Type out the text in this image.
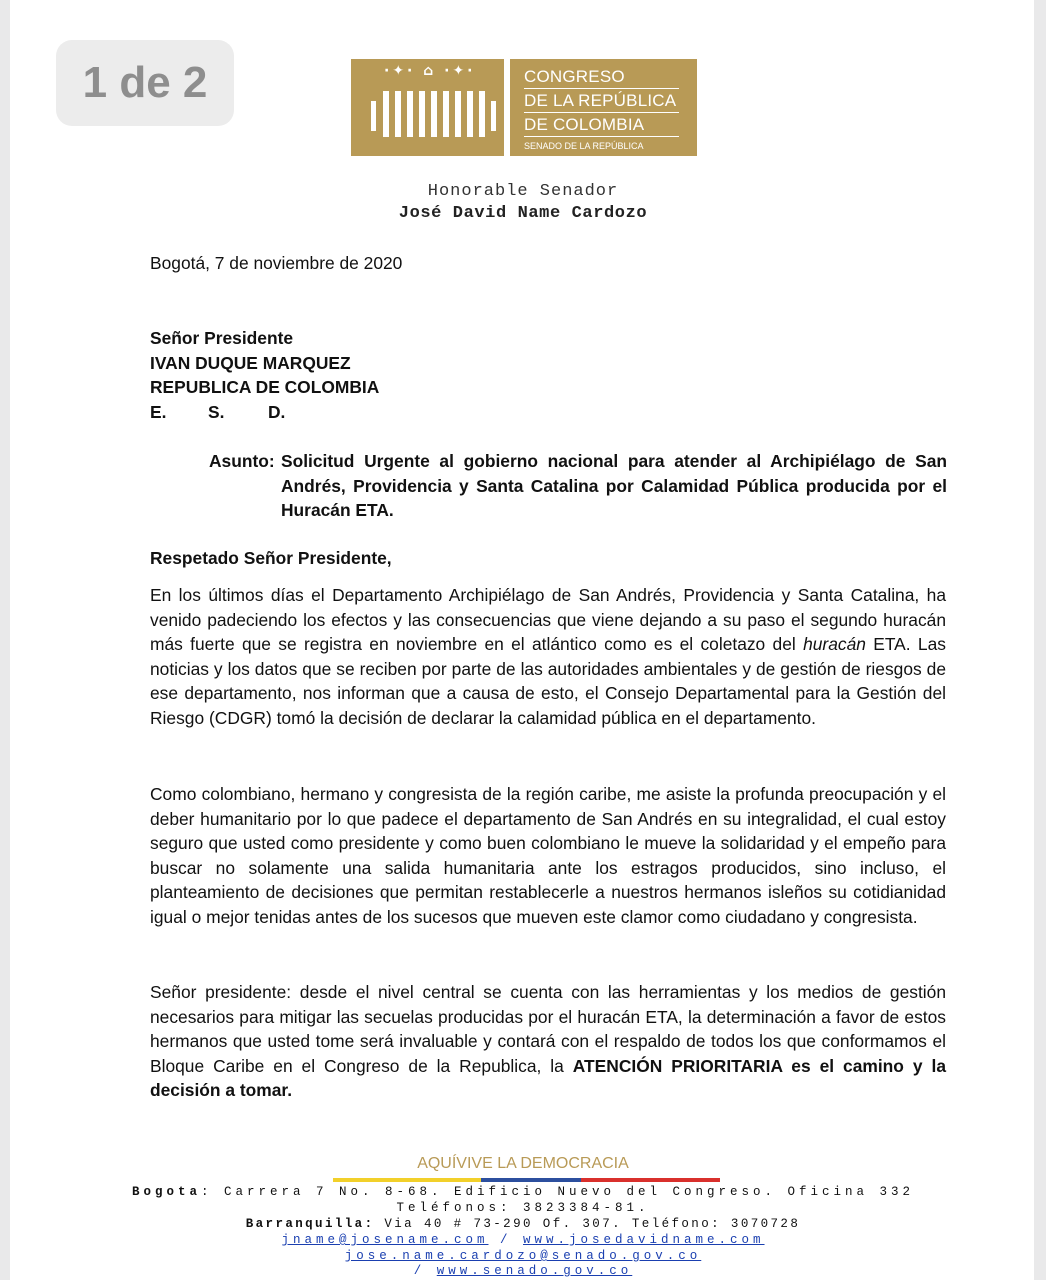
1 de 2	·✦· ⌂ ·✦·	CONGRESO
DE LA REPÚBLICA
DE COLOMBIA
SENADO DE LA REPÚBLICA
Honorable Senador
José David Name Cardozo
Bogotá, 7 de noviembre de 2020
Señor Presidente
IVAN DUQUE MARQUEZ
REPUBLICA DE COLOMBIA
E. S.	D.
Asunto: Solicitud Urgente al gobierno nacional para atender al Archipiélago de San Andrés, Providencia y Santa Catalina por Calamidad Pública producida por el Huracán ETA.
Respetado Señor Presidente,
En los últimos días el Departamento Archipiélago de San Andrés, Providencia y Santa Catalina, ha venido padeciendo los efectos y las consecuencias que viene dejando a su paso el segundo huracán más fuerte que se registra en noviembre en el atlántico como es el coletazo del huracán ETA. Las noticias y los datos que se reciben por parte de las autoridades ambientales y de gestión de riesgos de ese departamento, nos informan que a causa de esto, el Consejo Departamental para la Gestión del Riesgo (CDGR) tomó la decisión de declarar la calamidad pública en el departamento.
Como colombiano, hermano y congresista de la región caribe, me asiste la profunda preocupación y el deber humanitario por lo que padece el departamento de San Andrés en su integralidad, el cual estoy seguro que usted como presidente y como buen colombiano le mueve la solidaridad y el empeño para buscar no solamente una salida humanitaria ante los estragos producidos, sino incluso, el planteamiento de decisiones que permitan restablecerle a nuestros hermanos isleños su cotidianidad igual o mejor tenidas antes de los sucesos que mueven este clamor como ciudadano y congresista.
Señor presidente: desde el nivel central se cuenta con las herramientas y los medios de gestión necesarios para mitigar las secuelas producidas por el huracán ETA, la determinación a favor de estos hermanos que usted tome será invaluable y contará con el respaldo de todos los que conformamos el Bloque Caribe en el Congreso de la Republica, la ATENCIÓN PRIORITARIA es el camino y la decisión a tomar.
AQUÍVIVE LA DEMOCRACIA
Bogota: Carrera 7 No. 8-68. Edificio Nuevo del Congreso. Oficina 332
Teléfonos: 3823384-81.
Barranquilla: Via 40 # 73-290 Of. 307. Teléfono: 3070728
jname@josename.com / www.josedavidname.com
jose.name.cardozo@senado.gov.co
/ www.senado.gov.co
